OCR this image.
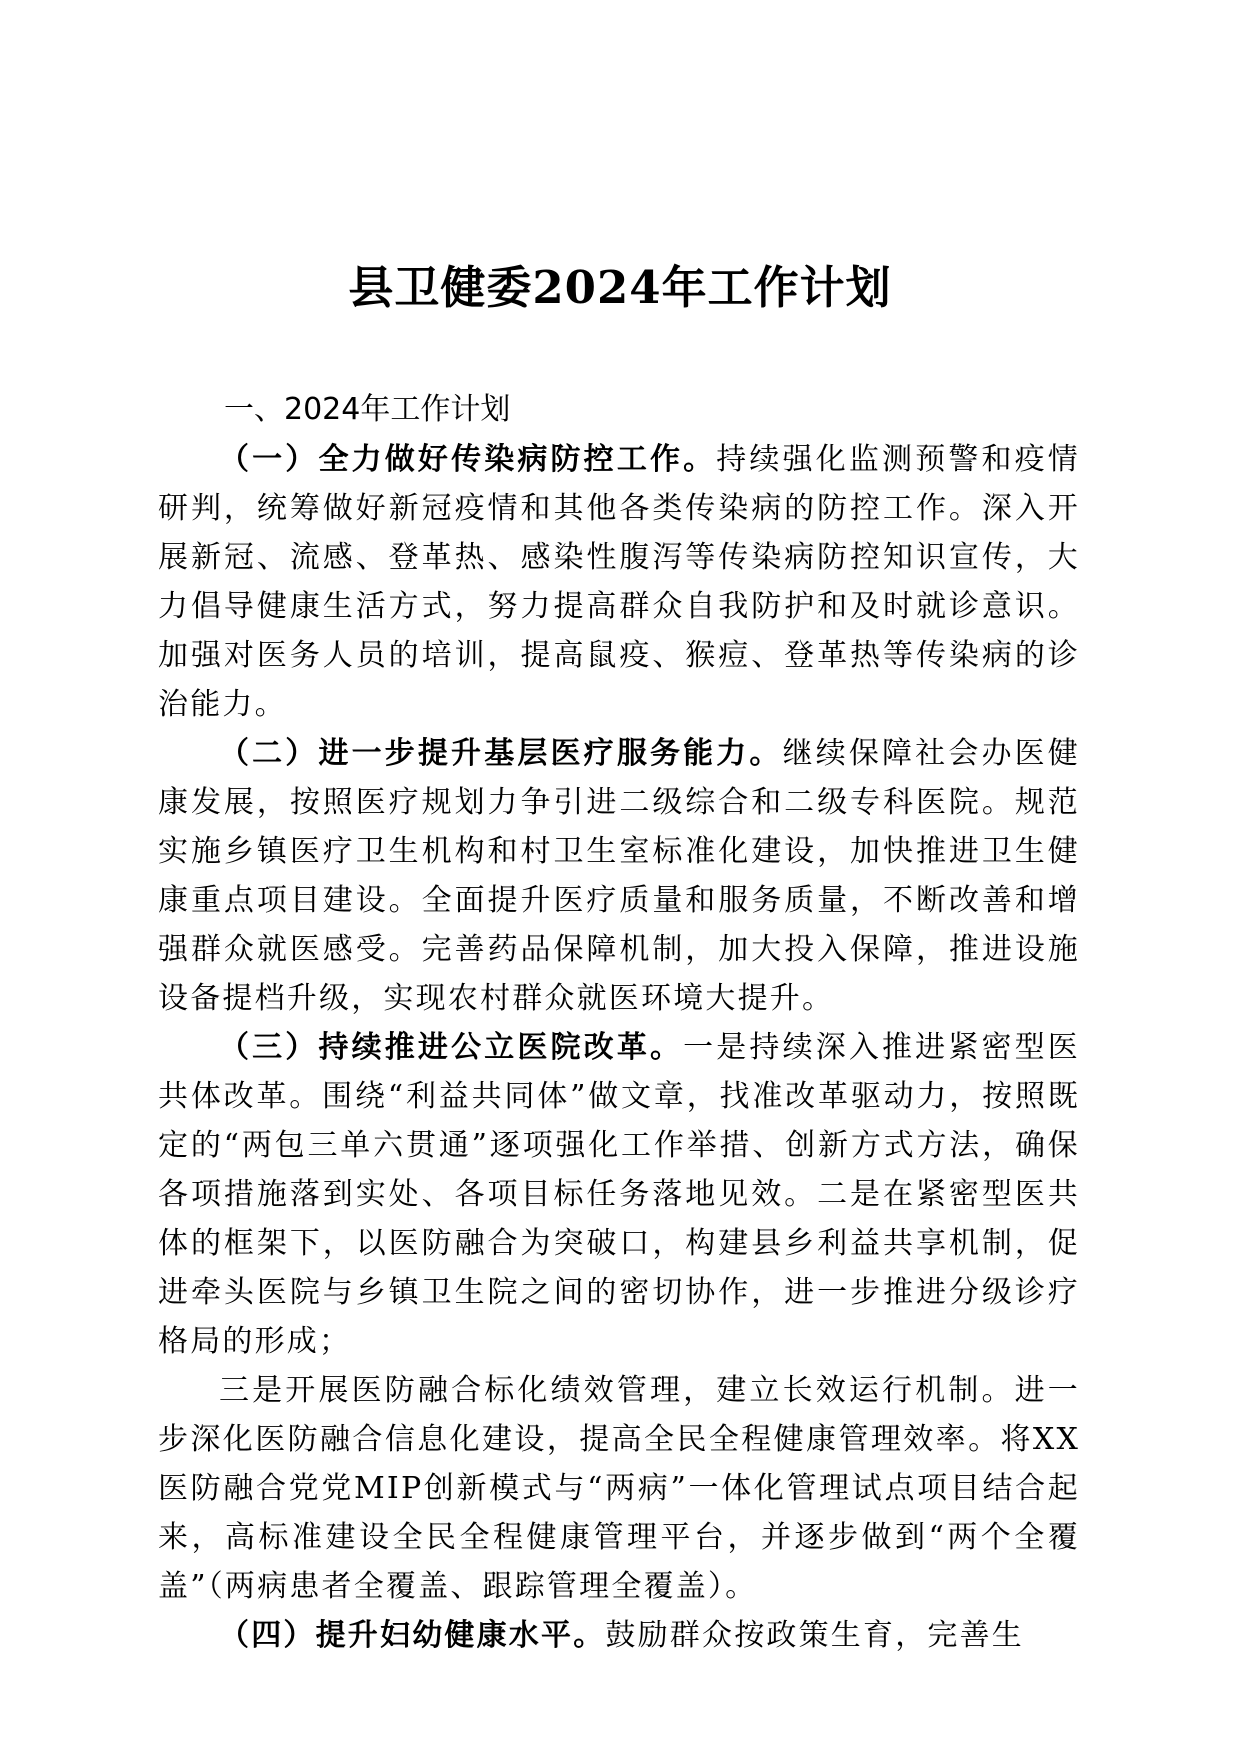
县卫健委2024年工作计划
一、2024年工作计划

（一）全力做好传染病防控工作。持续强化监测预警和疫情研判，统筹做好新冠疫情和其他各类传染病的防控工作。深入开展新冠、流感、登革热、感染性腹泻等传染病防控知识宣传，大力倡导健康生活方式，努力提高群众自我防护和及时就诊意识。加强对医务人员的培训，提高鼠疫、猴痘、登革热等传染病的诊治能力。

（二）进一步提升基层医疗服务能力。继续保障社会办医健康发展，按照医疗规划力争引进二级综合和二级专科医院。规范实施乡镇医疗卫生机构和村卫生室标准化建设，加快推进卫生健康重点项目建设。全面提升医疗质量和服务质量，不断改善和增强群众就医感受。完善药品保障机制，加大投入保障，推进设施设备提档升级，实现农村群众就医环境大提升。

（三）持续推进公立医院改革。一是持续深入推进紧密型医共体改革。围绕“利益共同体”做文章，找准改革驱动力，按照既定的“两包三单六贯通”逐项强化工作举措、创新方式方法，确保各项措施落到实处、各项目标任务落地见效。二是在紧密型医共体的框架下，以医防融合为突破口，构建县乡利益共享机制，促进牵头医院与乡镇卫生院之间的密切协作，进一步推进分级诊疗格局的形成；

三是开展医防融合标化绩效管理，建立长效运行机制。进一步深化医防融合信息化建设，提高全民全程健康管理效率。将XX医防融合党党MIP创新模式与“两病”一体化管理试点项目结合起来，高标准建设全民全程健康管理平台，并逐步做到“两个全覆盖”（两病患者全覆盖、跟踪管理全覆盖）。

（四）提升妇幼健康水平。鼓励群众按政策生育，完善生
